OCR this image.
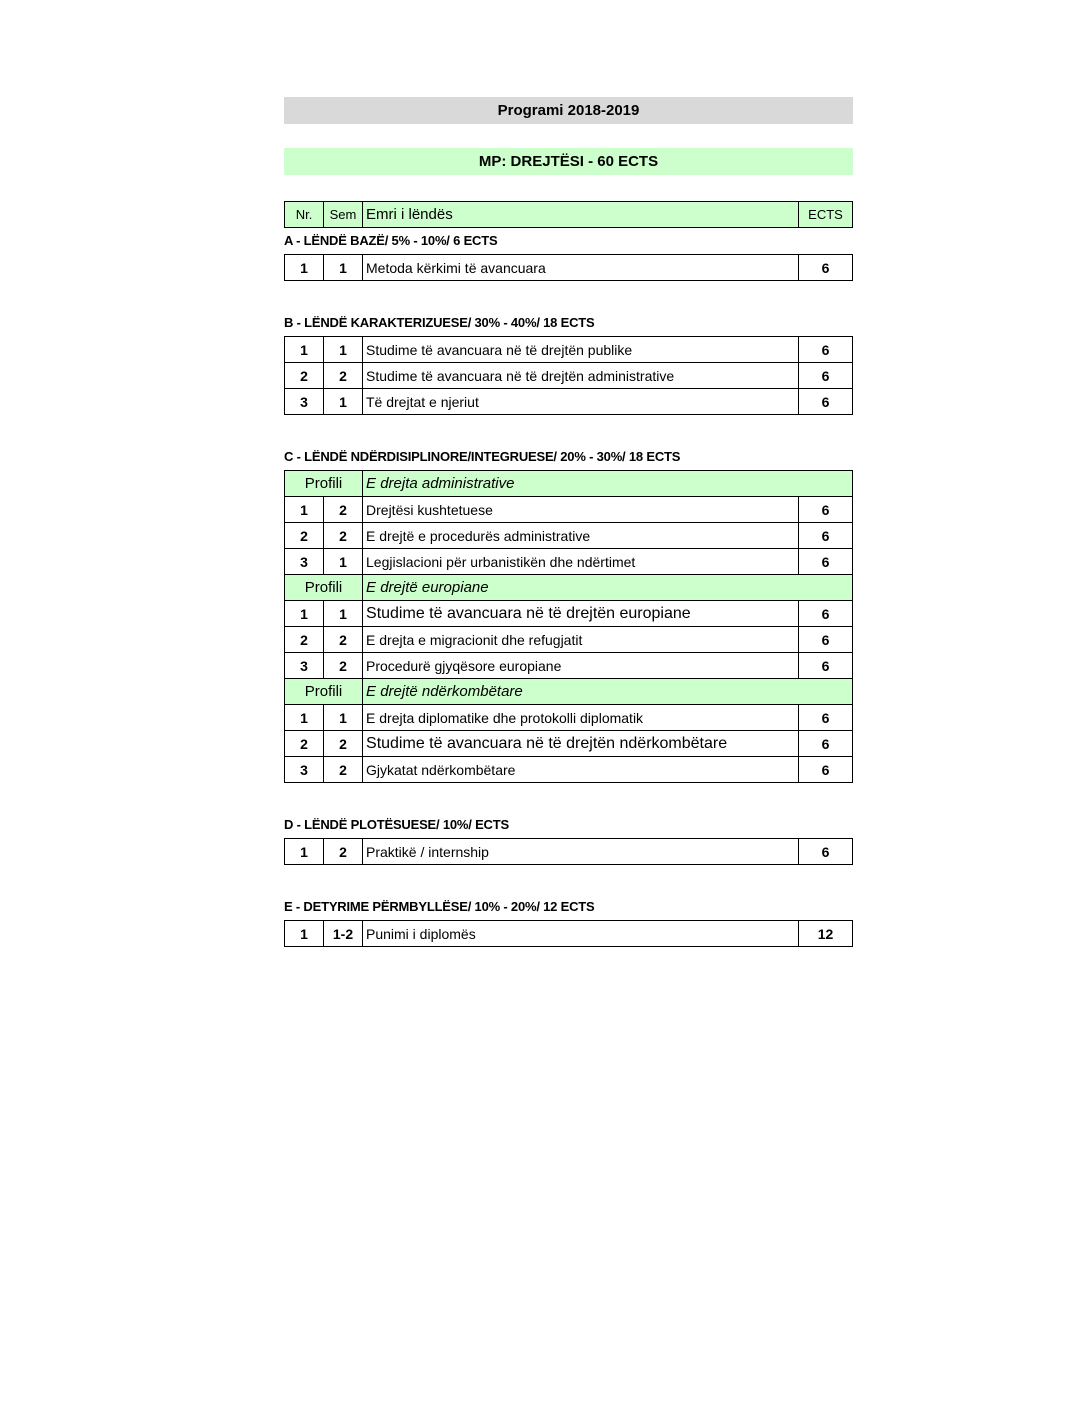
Programi 2018-2019
MP: DREJTËSI - 60 ECTS
Nr.	Sem	Emri i lëndës	ECTS
A - LËNDË BAZË/ 5% - 10%/ 6 ECTS
1	1	Metoda kërkimi të avancuara	6
B - LËNDË KARAKTERIZUESE/ 30% - 40%/ 18 ECTS
1	1	Studime të avancuara në të drejtën publike	6
2	2	Studime të avancuara në të drejtën administrative	6
3	1	Të drejtat e njeriut	6
C - LËNDË NDËRDISIPLINORE/INTEGRUESE/ 20% - 30%/ 18 ECTS
Profili		E drejta administrative	
1	2	Drejtësi kushtetuese	6
2	2	E drejtë e procedurës administrative	6
3	1	Legjislacioni për urbanistikën dhe ndërtimet	6
Profili		E drejtë europiane	
1	1	Studime të avancuara në të drejtën europiane	6
2	2	E drejta e migracionit dhe refugjatit	6
3	2	Procedurë gjyqësore europiane	6
Profili		E drejtë ndërkombëtare	
1	1	E drejta diplomatike dhe protokolli diplomatik	6
2	2	Studime të avancuara në të drejtën ndërkombëtare	6
3	2	Gjykatat ndërkombëtare	6
D - LËNDË PLOTËSUESE/ 10%/ ECTS
1	2	Praktikë / internship	6
E - DETYRIME PËRMBYLLËSE/ 10% - 20%/ 12 ECTS
1	1-2	Punimi i diplomës	12
